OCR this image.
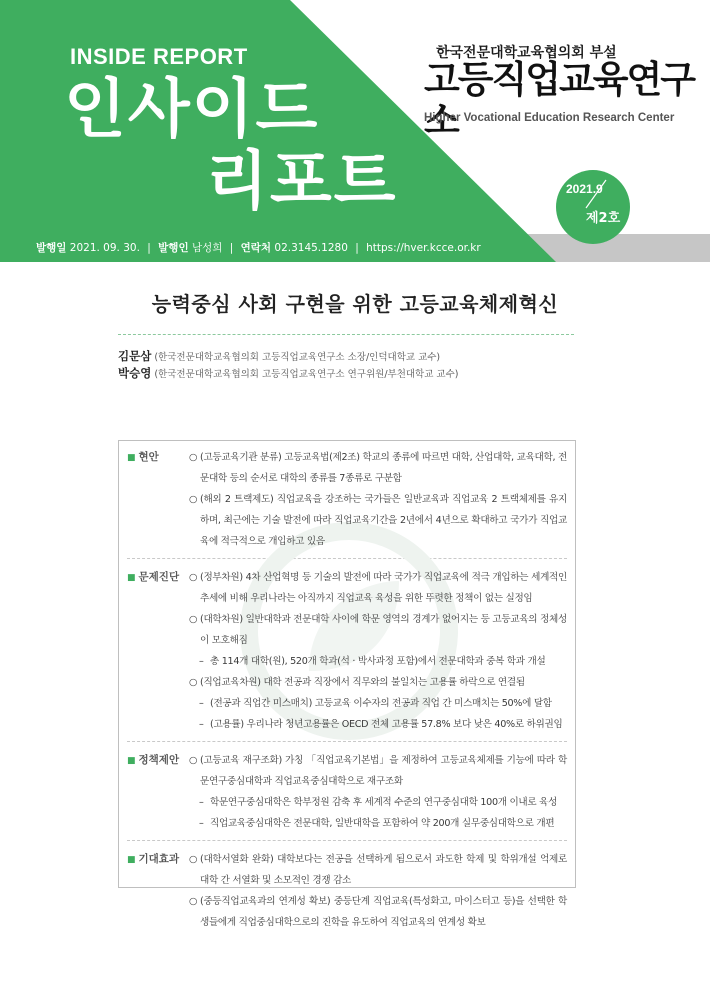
INSIDE REPORT
인사이드
리포트
한국전문대학교육협의회 부설
고등직업교육연구소
Higher Vocational Education Research Center
2021.9
제2호
발행일 2021. 09. 30. | 발행인 남성희 | 연락처 02.3145.1280 | https://hver.kcce.or.kr
능력중심 사회 구현을 위한 고등교육체제혁신
김문삼 (한국전문대학교육협의회 고등직업교육연구소 소장/인덕대학교 교수)
박승영 (한국전문대학교육협의회 고등직업교육연구소 연구위원/부천대학교 교수)
■ 현안	○ (고등교육기관 분류) 고등교육법(제2조) 학교의 종류에 따르면 대학, 산업대학, 교육대학, 전문대학 등의 순서로 대학의 종류를 7종류로 구분함
○ (해외 2 트랙제도) 직업교육을 강조하는 국가들은 일반교육과 직업교육 2 트랙체제를 유지하며, 최근에는 기술 발전에 따라 직업교육기간을 2년에서 4년으로 확대하고 국가가 직업교육에 적극적으로 개입하고 있음
■ 문제진단	○ (정부차원) 4차 산업혁명 등 기술의 발전에 따라 국가가 직업교육에 적극 개입하는 세계적인 추세에 비해 우리나라는 아직까지 직업교육 육성을 위한 뚜렷한 정책이 없는 실정임
○ (대학차원) 일반대학과 전문대학 사이에 학문 영역의 경계가 없어지는 등 고등교육의 정체성이 모호해짐
– 총 114개 대학(원), 520개 학과(석 · 박사과정 포함)에서 전문대학과 중복 학과 개설
○ (직업교육차원) 대학 전공과 직장에서 직무와의 불일치는 고용률 하락으로 연결됨
– (전공과 직업간 미스매치) 고등교육 이수자의 전공과 직업 간 미스매치는 50%에 달함
– (고용률) 우리나라 청년고용률은 OECD 전체 고용률 57.8% 보다 낮은 40%로 하위권임
■ 정책제안	○ (고등교육 재구조화) 가칭 「직업교육기본법」을 제정하여 고등교육체제를 기능에 따라 학문연구중심대학과 직업교육중심대학으로 재구조화
– 학문연구중심대학은 학부정원 감축 후 세계적 수준의 연구중심대학 100개 이내로 육성
– 직업교육중심대학은 전문대학, 일반대학을 포함하여 약 200개 실무중심대학으로 개편
■ 기대효과	○ (대학서열화 완화) 대학보다는 전공을 선택하게 됨으로서 과도한 학제 및 학위개설 억제로 대학 간 서열화 및 소모적인 경쟁 감소
○ (중등직업교육과의 연계성 확보) 중등단계 직업교육(특성화고, 마이스터고 등)을 선택한 학생들에게 직업중심대학으로의 진학을 유도하여 직업교육의 연계성 확보
